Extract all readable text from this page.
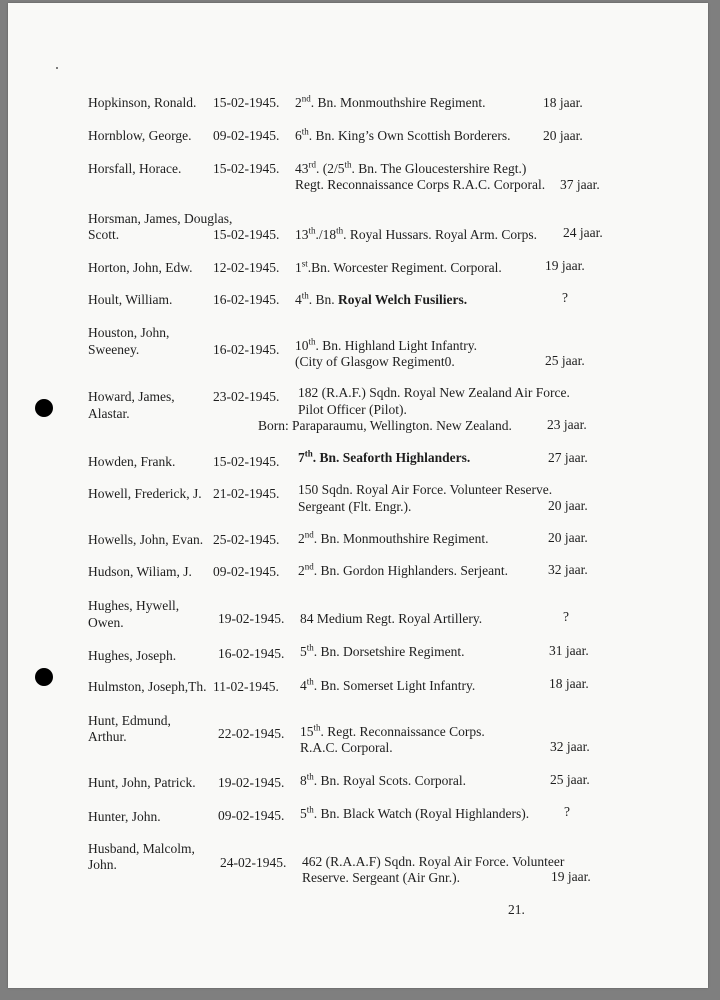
Hopkinson, Ronald. 15-02-1945. 2nd. Bn. Monmouthshire Regiment.	18 jaar.
Hornblow, George. 09-02-1945. 6th. Bn. King’s Own Scottish Borderers. 20 jaar.
Horsfall, Horace. 15-02-1945. 43rd. (2/5th. Bn. The Gloucestershire Regt.)
Regt. Reconnaissance Corps R.A.C. Corporal. 37 jaar.
Horsman, James, Douglas,
Scott.	15-02-1945. 13th./18th. Royal Hussars. Royal Arm. Corps. 24 jaar.
Horton, John, Edw. 12-02-1945. 1st.Bn. Worcester Regiment. Corporal.	19 jaar.
Hoult, William.	16-02-1945. 4th. Bn. Royal Welch Fusiliers.	?
Houston, John,
Sweeney.	16-02-1945. 10th. Bn. Highland Light Infantry.
(City of Glasgow Regiment0.	25 jaar.
Howard, James,
Alastar.
23-02-1945. 182 (R.A.F.) Sqdn. Royal New Zealand Air Force.
Pilot Officer (Pilot).
Born: Paraparaumu, Wellington. New Zealand.	23 jaar.
Howden, Frank.	15-02-1945. 7th. Bn. Seaforth Highlanders.	27 jaar.
Howell, Frederick, J. 21-02-1945. 150 Sqdn. Royal Air Force. Volunteer Reserve.
Sergeant (Flt. Engr.).	20 jaar.
Howells, John, Evan. 25-02-1945. 2nd. Bn. Monmouthshire Regiment.	20 jaar.
Hudson, Wiliam, J. 09-02-1945. 2nd. Bn. Gordon Highlanders. Serjeant.	32 jaar.
Hughes, Hywell,
Owen.	19-02-1945. 84 Medium Regt. Royal Artillery.	?
Hughes, Joseph.	16-02-1945. 5th. Bn. Dorsetshire Regiment.	31 jaar.
Hulmston, Joseph,Th. 11-02-1945. 4th. Bn. Somerset Light Infantry.	18 jaar.
Hunt, Edmund,
Arthur.	22-02-1945. 15th. Regt. Reconnaissance Corps.
R.A.C. Corporal.	32 jaar.
Hunt, John, Patrick. 19-02-1945. 8th. Bn. Royal Scots. Corporal.	25 jaar.
Hunter, John.	09-02-1945. 5th. Bn. Black Watch (Royal Highlanders).	?
Husband, Malcolm,
John.	24-02-1945. 462 (R.A.A.F) Sqdn. Royal Air Force. Volunteer
Reserve. Sergeant (Air Gnr.).	19 jaar.
21.
